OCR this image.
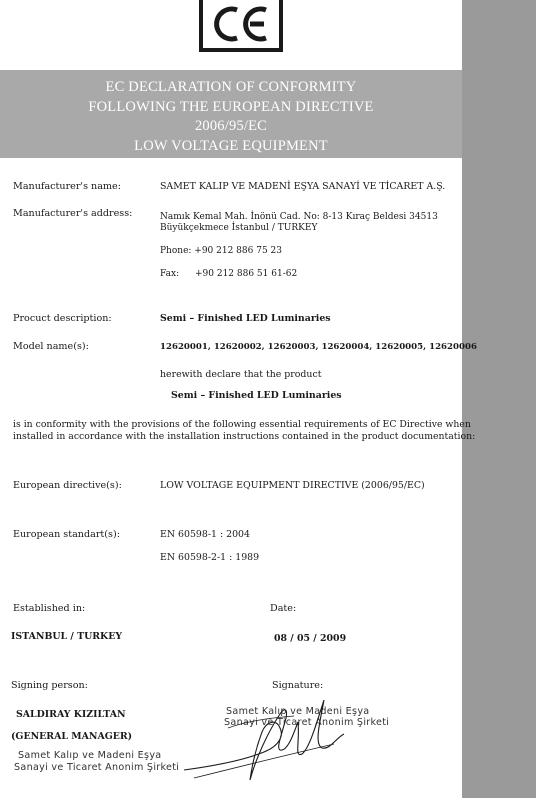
EC DECLARATION OF CONFORMITY
FOLLOWING THE EUROPEAN DIRECTIVE
2006/95/EC
LOW VOLTAGE EQUIPMENT
Manufacturer's name:	SAMET KALIP VE MADENİ EŞYA SANAYİ VE TİCARET A.Ş.
Manufacturer's address:	Namık Kemal Mah. İnönü Cad. No: 8-13 Kıraç Beldesi 34513
Büyükçekmece İstanbul / TURKEY
Phone: +90 212 886 75 23
Fax: +90 212 886 51 61-62
Procuct description:	Semi – Finished LED Luminaries
Model name(s):	12620001, 12620002, 12620003, 12620004, 12620005, 12620006
herewith declare that the product
Semi – Finished LED Luminaries
is in conformity with the provisions of the following essential requirements of EC Directive when
installed in accordance with the installation instructions contained in the product documentation:
European directive(s):	LOW VOLTAGE EQUIPMENT DIRECTIVE (2006/95/EC)
European standart(s):	EN 60598-1 : 2004
EN 60598-2-1 : 1989
Established in:	Date:
ISTANBUL / TURKEY	08 / 05 / 2009
Signing person:	Signature:
SALDIRAY KIZILTAN
(GENERAL MANAGER)
Samet Kalıp ve Madeni Eşya
Sanayi ve Ticaret Anonim Şirketi
Samet Kalıp ve Madeni Eşya
Sanayi ve Ticaret Anonim Şirketi
